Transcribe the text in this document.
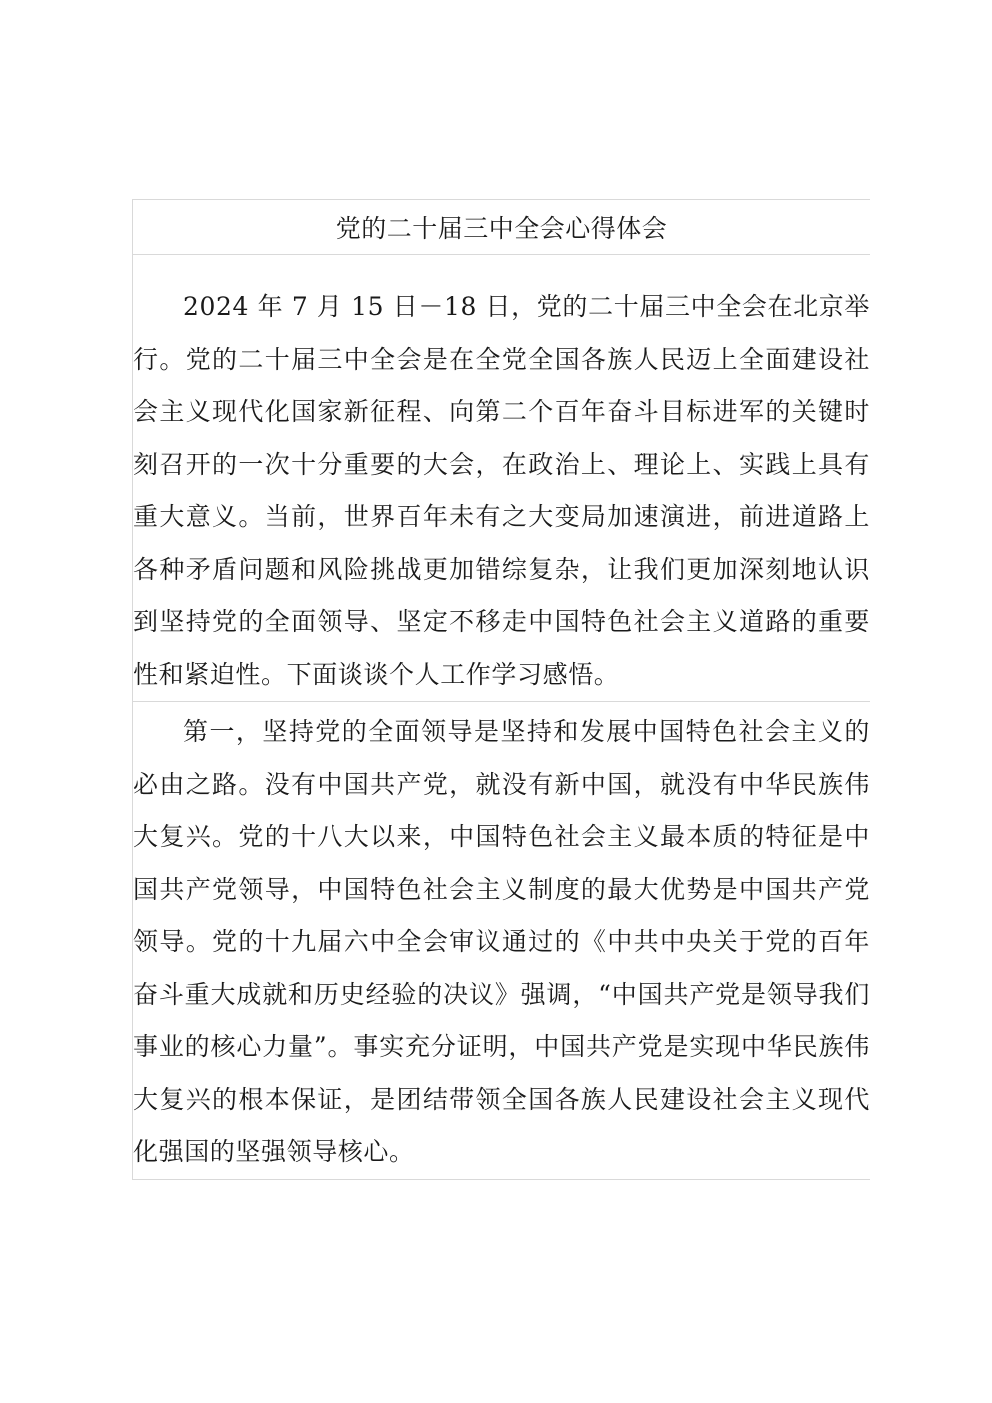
党的二十届三中全会心得体会

2024 年 7 月 15 日－18 日，党的二十届三中全会在北京举行。党的二十届三中全会是在全党全国各族人民迈上全面建设社会主义现代化国家新征程、向第二个百年奋斗目标进军的关键时刻召开的一次十分重要的大会，在政治上、理论上、实践上具有重大意义。当前，世界百年未有之大变局加速演进，前进道路上各种矛盾问题和风险挑战更加错综复杂，让我们更加深刻地认识到坚持党的全面领导、坚定不移走中国特色社会主义道路的重要性和紧迫性。下面谈谈个人工作学习感悟。

第一，坚持党的全面领导是坚持和发展中国特色社会主义的必由之路。没有中国共产党，就没有新中国，就没有中华民族伟大复兴。党的十八大以来，中国特色社会主义最本质的特征是中国共产党领导，中国特色社会主义制度的最大优势是中国共产党领导。党的十九届六中全会审议通过的《中共中央关于党的百年奋斗重大成就和历史经验的决议》强调，“中国共产党是领导我们事业的核心力量”。事实充分证明，中国共产党是实现中华民族伟大复兴的根本保证，是团结带领全国各族人民建设社会主义现代化强国的坚强领导核心。
